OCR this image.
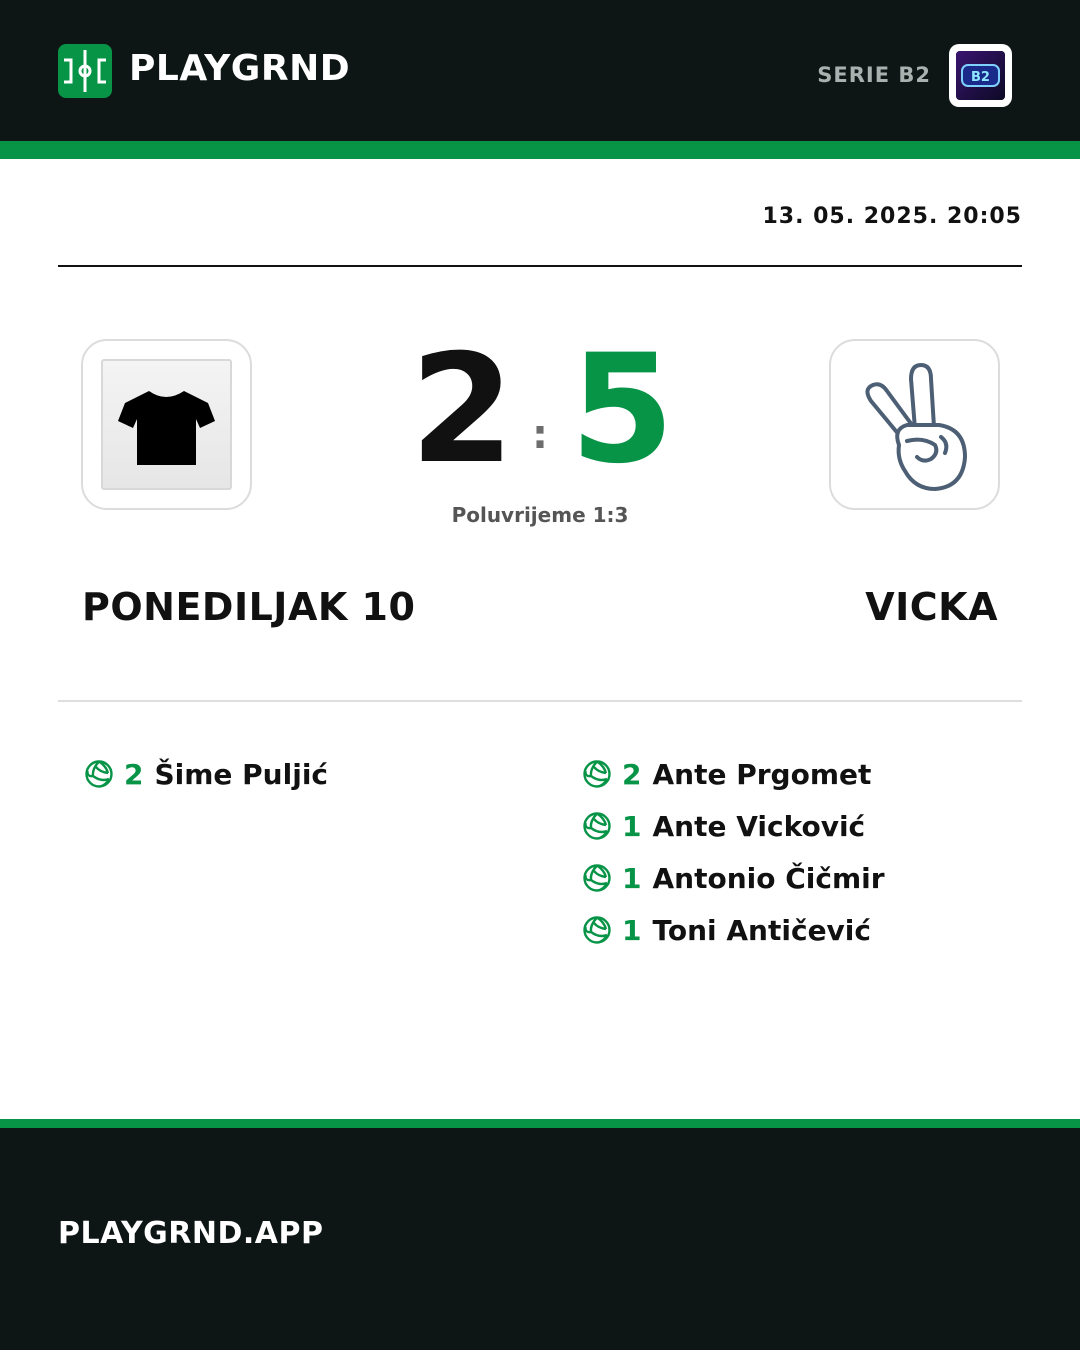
PLAYGRND	SERIE B2	B2
13. 05. 2025. 20:05
2 : 5
Poluvrijeme 1:3
PONEDILJAK 10	VICKA
2 Šime Puljić	2 Ante Prgomet
1 Ante Vicković
1 Antonio Čičmir
1 Toni Antičević
PLAYGRND.APP
